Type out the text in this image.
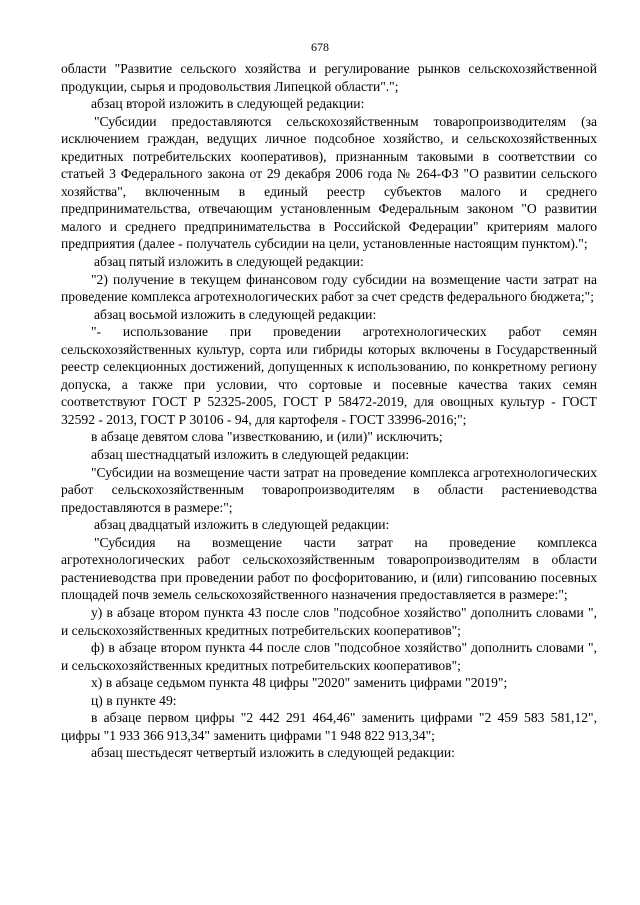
678

области "Развитие сельского хозяйства и регулирование рынков сельскохозяйственной продукции, сырья и продовольствия Липецкой области".";

абзац второй изложить в следующей редакции:

"Субсидии предоставляются сельскохозяйственным товаропроизводителям (за исключением граждан, ведущих личное подсобное хозяйство, и сельскохозяйственных кредитных потребительских кооперативов), признанным таковыми в соответствии со статьей 3 Федерального закона от 29 декабря 2006 года № 264-ФЗ "О развитии сельского хозяйства", включенным в единый реестр субъектов малого и среднего предпринимательства, отвечающим установленным Федеральным законом "О развитии малого и среднего предпринимательства в Российской Федерации" критериям малого предприятия (далее - получатель субсидии на цели, установленные настоящим пунктом).";

абзац пятый изложить в следующей редакции:

"2) получение в текущем финансовом году субсидии на возмещение части затрат на проведение комплекса агротехнологических работ за счет средств федерального бюджета;";

абзац восьмой изложить в следующей редакции:

"- использование при проведении агротехнологических работ семян сельскохозяйственных культур, сорта или гибриды которых включены в Государственный реестр селекционных достижений, допущенных к использованию, по конкретному региону допуска, а также при условии, что сортовые и посевные качества таких семян соответствуют ГОСТ Р 52325-2005, ГОСТ Р 58472-2019, для овощных культур - ГОСТ 32592 - 2013, ГОСТ Р 30106 - 94, для картофеля - ГОСТ 33996-2016;";

в абзаце девятом слова "известкованию, и (или)" исключить;

абзац шестнадцатый изложить в следующей редакции:

"Субсидии на возмещение части затрат на проведение комплекса агротехнологических работ сельскохозяйственным товаропроизводителям в области растениеводства предоставляются в размере:";

абзац двадцатый изложить в следующей редакции:

"Субсидия на возмещение части затрат на проведение комплекса агротехнологических работ сельскохозяйственным товаропроизводителям в области растениеводства при проведении работ по фосфоритованию, и (или) гипсованию посевных площадей почв земель сельскохозяйственного назначения предоставляется в размере:";

у) в абзаце втором пункта 43 после слов "подсобное хозяйство" дополнить словами ", и сельскохозяйственных кредитных потребительских кооперативов";

ф) в абзаце втором пункта 44 после слов "подсобное хозяйство" дополнить словами ", и сельскохозяйственных кредитных потребительских кооперативов";

х) в абзаце седьмом пункта 48 цифры "2020" заменить цифрами "2019";

ц) в пункте 49:

в абзаце первом цифры "2 442 291 464,46" заменить цифрами "2 459 583 581,12", цифры "1 933 366 913,34" заменить цифрами "1 948 822 913,34";

абзац шестьдесят четвертый изложить в следующей редакции:
